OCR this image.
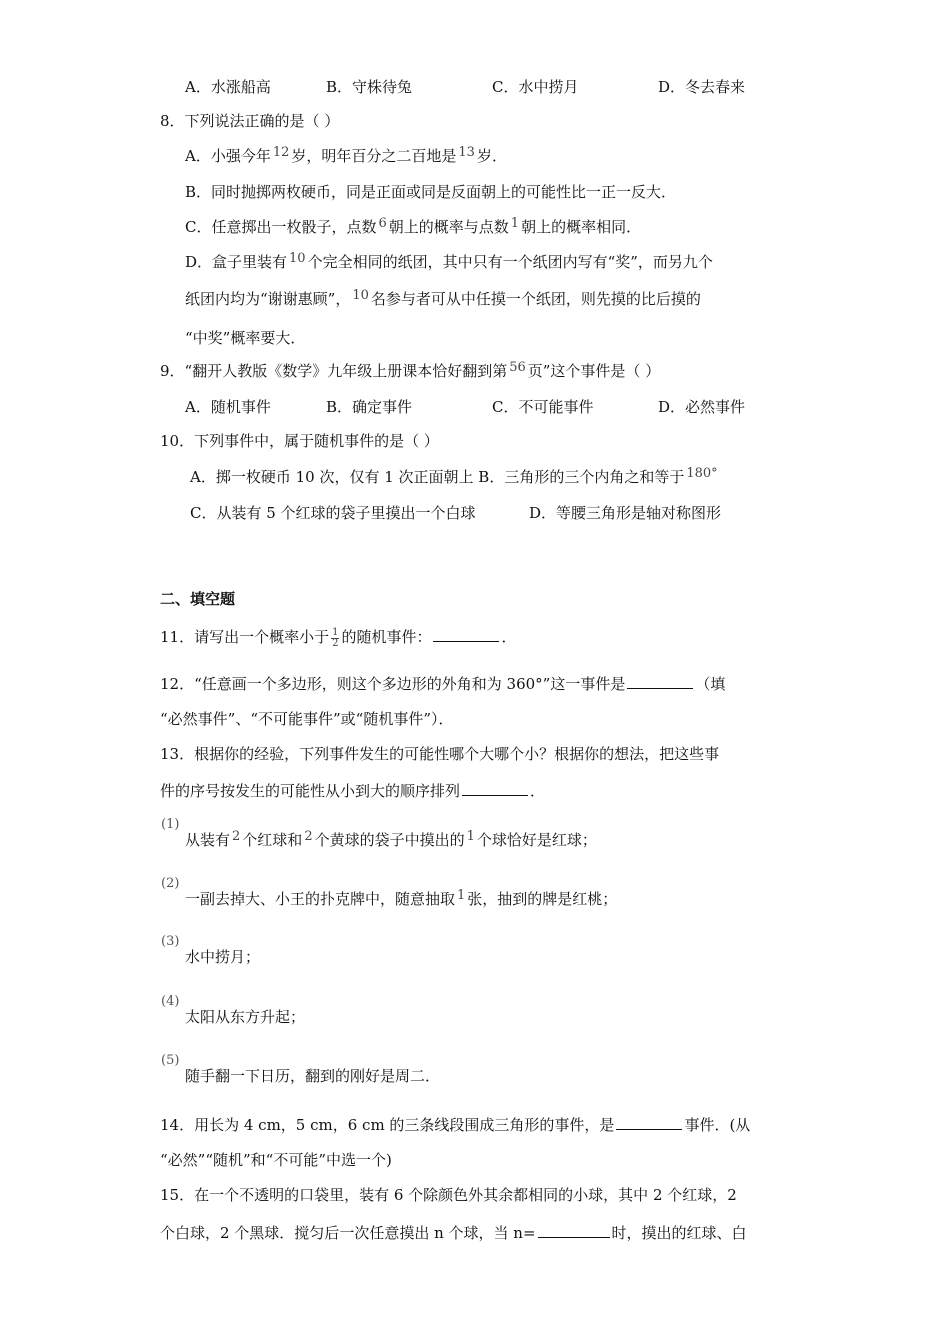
A．水涨船高	B．守株待兔	C．水中捞月	D．冬去春来
8．下列说法正确的是（ ）
A．小强今年 12 岁，明年百分之二百地是 13 岁．
B．同时抛掷两枚硬币，同是正面或同是反面朝上的可能性比一正一反大．
C．任意掷出一枚骰子，点数 6 朝上的概率与点数 1 朝上的概率相同．
D．盒子里装有 10 个完全相同的纸团，其中只有一个纸团内写有“奖”，而另九个
纸团内均为“谢谢惠顾”， 10 名参与者可从中任摸一个纸团，则先摸的比后摸的
“中奖”概率要大．
9．“翻开人教版《数学》九年级上册课本恰好翻到第 56 页”这个事件是（ ）
A．随机事件	B．确定事件	C．不可能事件	D．必然事件
10．下列事件中，属于随机事件的是（ ）
A．掷一枚硬币 10 次，仅有 1 次正面朝上 B．三角形的三个内角之和等于 180°
C．从装有 5 个红球的袋子里摸出一个白球	D．等腰三角形是轴对称图形
二、填空题
11．请写出一个概率小于 $\frac{1}{2}$ 的随机事件：	．
12．“任意画一个多边形，则这个多边形的外角和为 360°”这一事件是	（填
“必然事件”、“不可能事件”或“随机事件”）．
13．根据你的经验，下列事件发生的可能性哪个大哪个小？根据你的想法，把这些事
件的序号按发生的可能性从小到大的顺序排列	．
(1)
从装有 2 个红球和 2 个黄球的袋子中摸出的 1 个球恰好是红球；
(2)
一副去掉大、小王的扑克牌中，随意抽取 1 张，抽到的牌是红桃；
(3)
水中捞月；
(4)
太阳从东方升起；
(5)
随手翻一下日历，翻到的刚好是周二．
14．用长为 4 cm，5 cm，6 cm 的三条线段围成三角形的事件，是	事件．(从
“必然”“随机”和“不可能”中选一个)
15．在一个不透明的口袋里，装有 6 个除颜色外其余都相同的小球，其中 2 个红球，2
个白球，2 个黑球．搅匀后一次任意摸出 n 个球，当 n=	时，摸出的红球、白
